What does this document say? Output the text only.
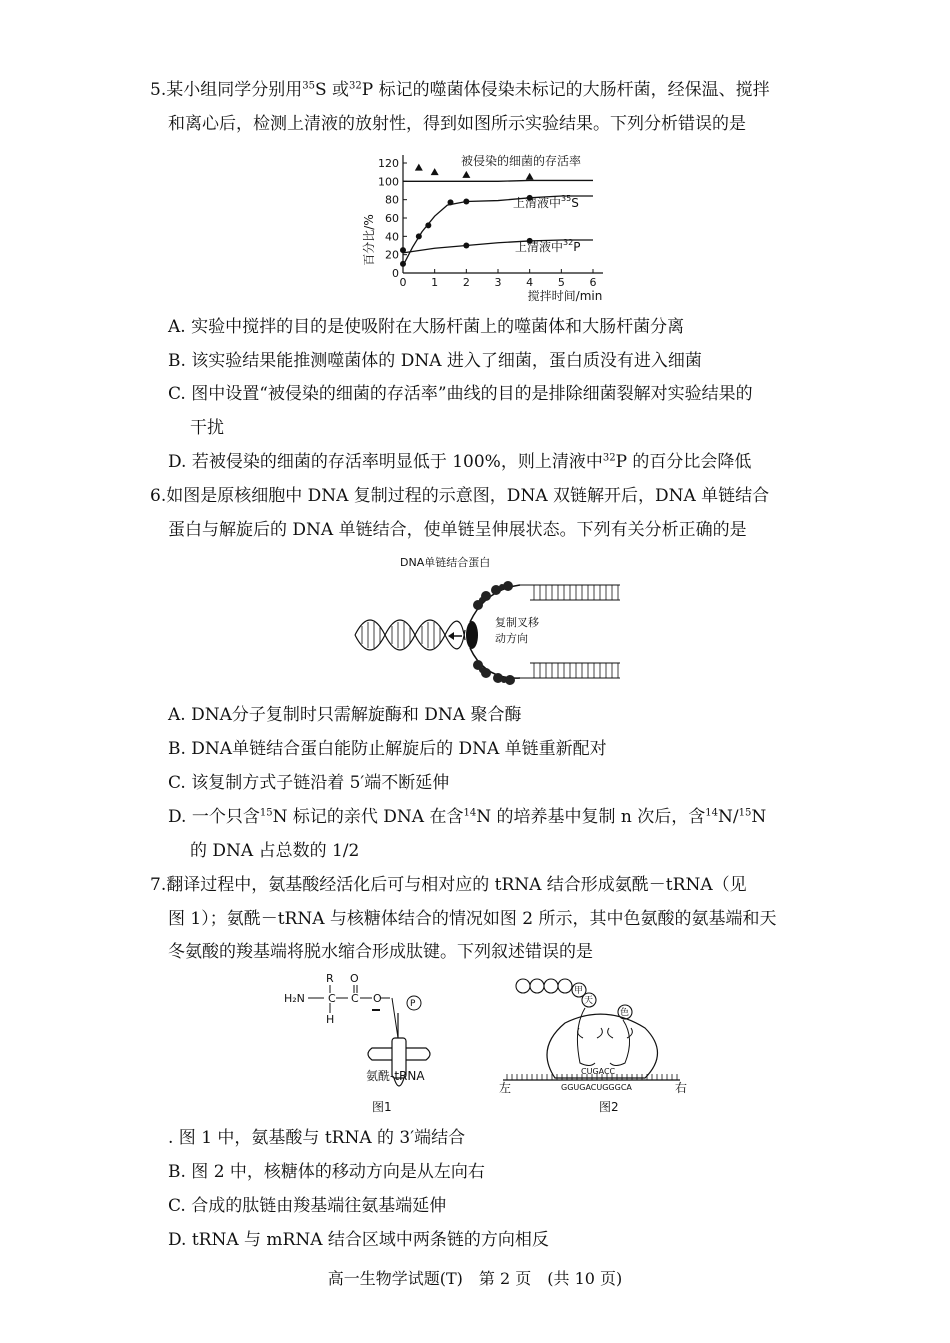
5.某小组同学分别用$^{35}$S 或$^{32}$P 标记的噬菌体侵染未标记的大肠杆菌，经保温、搅拌
和离心后，检测上清液的放射性，得到如图所示实验结果。下列分析错误的是
0 1 2 3 4 5 6
0
20
40
60
80
100
120
百分比/%
搅拌时间/min
被侵染的细菌的存活率
上清液中$^{35}$S
上清液中$^{32}$P
A. 实验中搅拌的目的是使吸附在大肠杆菌上的噬菌体和大肠杆菌分离
B. 该实验结果能推测噬菌体的 DNA 进入了细菌，蛋白质没有进入细菌
C. 图中设置“被侵染的细菌的存活率”曲线的目的是排除细菌裂解对实验结果的
干扰
D. 若被侵染的细菌的存活率明显低于 100%，则上清液中$^{32}$P 的百分比会降低
6.如图是原核细胞中 DNA 复制过程的示意图，DNA 双链解开后，DNA 单链结合
蛋白与解旋后的 DNA 单链结合，使单链呈伸展状态。下列有关分析正确的是
DNA单链结合蛋白
复制叉移
动方向
A. DNA分子复制时只需解旋酶和 DNA 聚合酶
B. DNA单链结合蛋白能防止解旋后的 DNA 单链重新配对
C. 该复制方式子链沿着 5′端不断延伸
D. 一个只含$^{15}$N 标记的亲代 DNA 在含$^{14}$N 的培养基中复制 n 次后，含$^{14}$N/$^{15}$N
的 DNA 占总数的 1/2
7.翻译过程中，氨基酸经活化后可与相对应的 tRNA 结合形成氨酰－tRNA（见
图 1）；氨酰－tRNA 与核糖体结合的情况如图 2 所示，其中色氨酸的氨基端和天
冬氨酸的羧基端将脱水缩合形成肽键。下列叙述错误的是
R O
H₂N
H
C C O	P
氨酰-tRNA
图1
甲
天
色
CUGACC
GGUGACUGGGCA
左	右
图2
. 图 1 中，氨基酸与 tRNA 的 3′端结合
B. 图 2 中，核糖体的移动方向是从左向右
C. 合成的肽链由羧基端往氨基端延伸
D. tRNA 与 mRNA 结合区域中两条链的方向相反
高一生物学试题(T)　第 2 页　(共 10 页)
